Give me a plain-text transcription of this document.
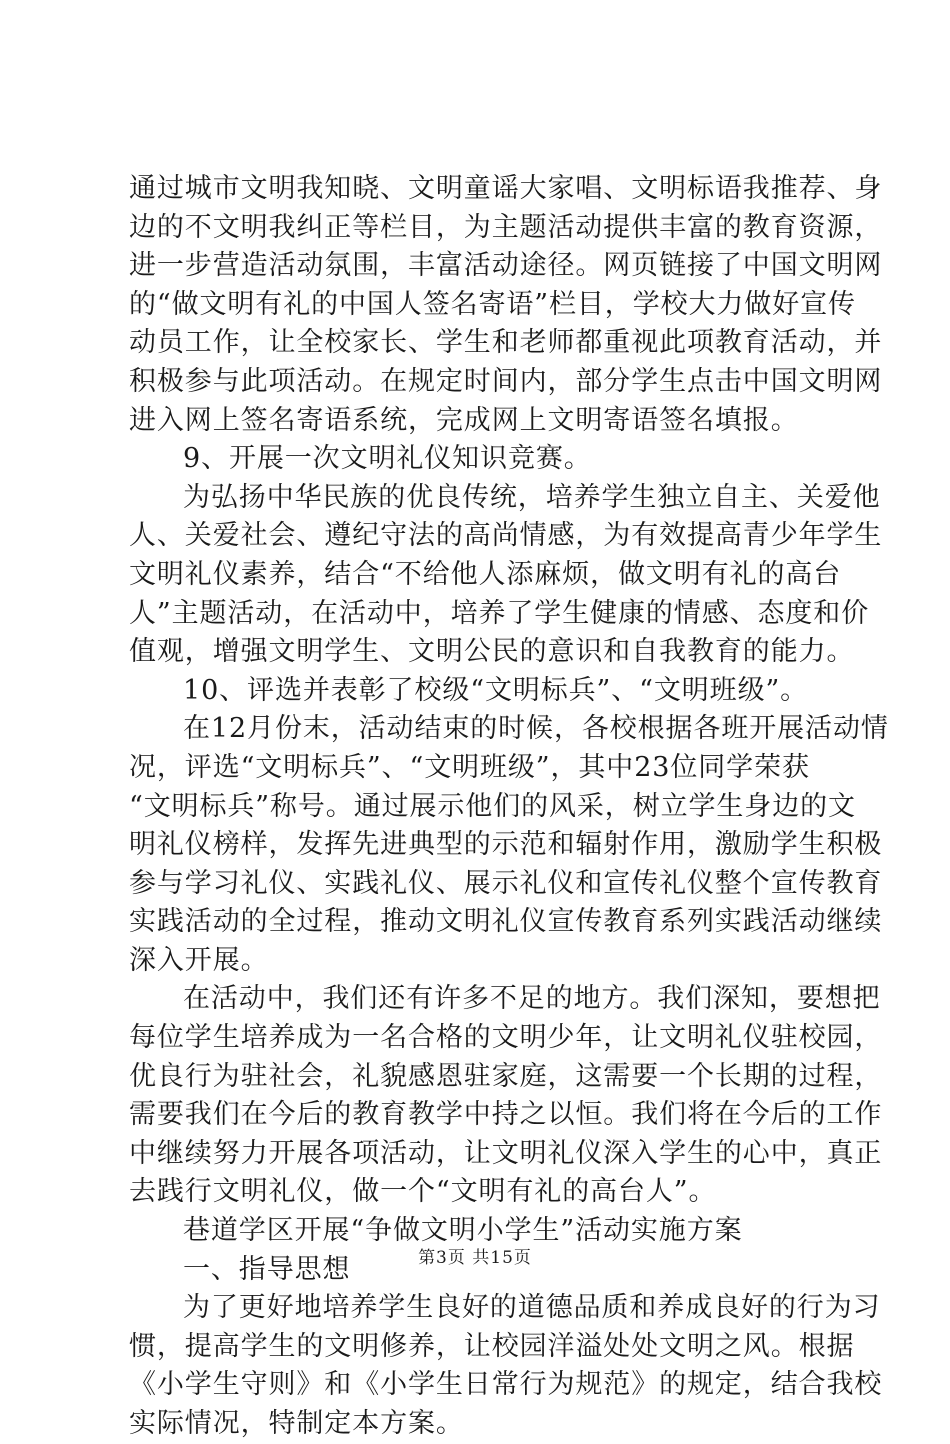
通过城市文明我知晓、文明童谣大家唱、文明标语我推荐、身
边的不文明我纠正等栏目，为主题活动提供丰富的教育资源，
进一步营造活动氛围，丰富活动途径。网页链接了中国文明网
的“做文明有礼的中国人签名寄语”栏目，学校大力做好宣传
动员工作，让全校家长、学生和老师都重视此项教育活动，并
积极参与此项活动。在规定时间内，部分学生点击中国文明网
进入网上签名寄语系统，完成网上文明寄语签名填报。
9、开展一次文明礼仪知识竞赛。
为弘扬中华民族的优良传统，培养学生独立自主、关爱他
人、关爱社会、遵纪守法的高尚情感，为有效提高青少年学生
文明礼仪素养，结合“不给他人添麻烦，做文明有礼的高台
人”主题活动，在活动中，培养了学生健康的情感、态度和价
值观，增强文明学生、文明公民的意识和自我教育的能力。
10、评选并表彰了校级“文明标兵”、“文明班级”。
在12月份末，活动结束的时候，各校根据各班开展活动情
况，评选“文明标兵”、“文明班级”，其中23位同学荣获
“文明标兵”称号。通过展示他们的风采，树立学生身边的文
明礼仪榜样，发挥先进典型的示范和辐射作用，激励学生积极
参与学习礼仪、实践礼仪、展示礼仪和宣传礼仪整个宣传教育
实践活动的全过程，推动文明礼仪宣传教育系列实践活动继续
深入开展。
在活动中，我们还有许多不足的地方。我们深知，要想把
每位学生培养成为一名合格的文明少年，让文明礼仪驻校园，
优良行为驻社会，礼貌感恩驻家庭，这需要一个长期的过程，
需要我们在今后的教育教学中持之以恒。我们将在今后的工作
中继续努力开展各项活动，让文明礼仪深入学生的心中，真正
去践行文明礼仪，做一个“文明有礼的高台人”。
巷道学区开展“争做文明小学生”活动实施方案
一、指导思想
为了更好地培养学生良好的道德品质和养成良好的行为习
惯，提高学生的文明修养，让校园洋溢处处文明之风。根据
《小学生守则》和《小学生日常行为规范》的规定，结合我校
实际情况，特制定本方案。
第3页 共15页
